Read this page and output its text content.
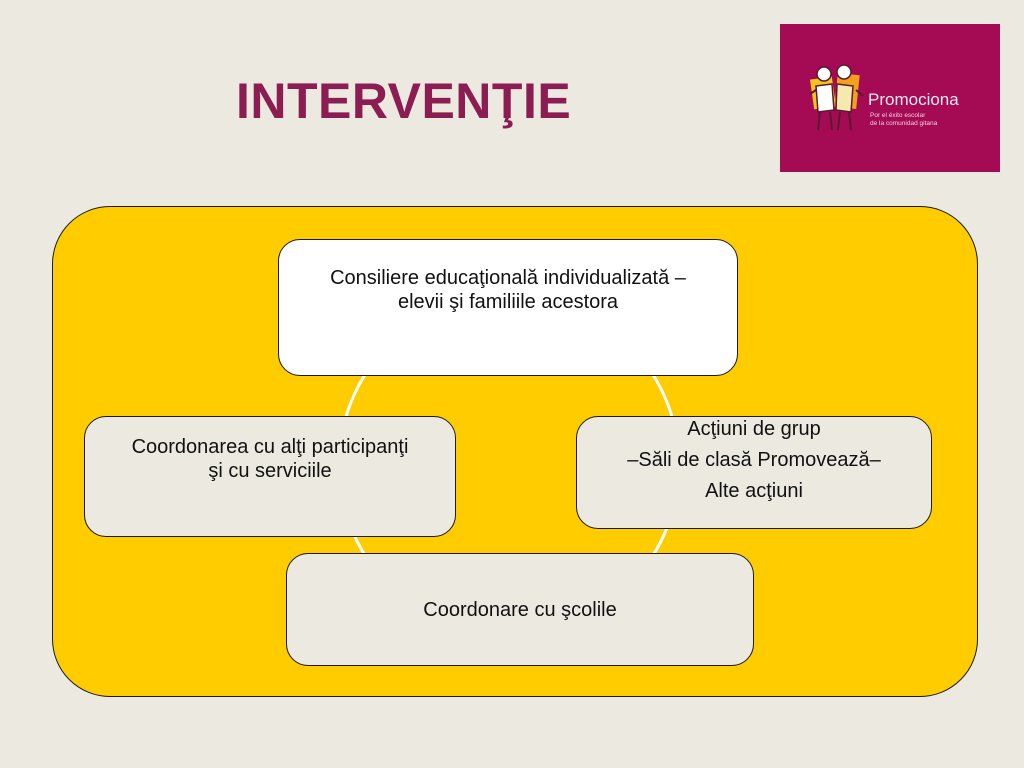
INTERVENŢIE	Promociona
Por el éxito escolar
de la comunidad gitana
Consiliere educaţională individualizată –
elevii şi familiile acestora
Coordonarea cu alţi participanţi
şi cu serviciile
Acţiuni de grup
–Săli de clasă Promovează–
Alte acţiuni
Coordonare cu şcolile
